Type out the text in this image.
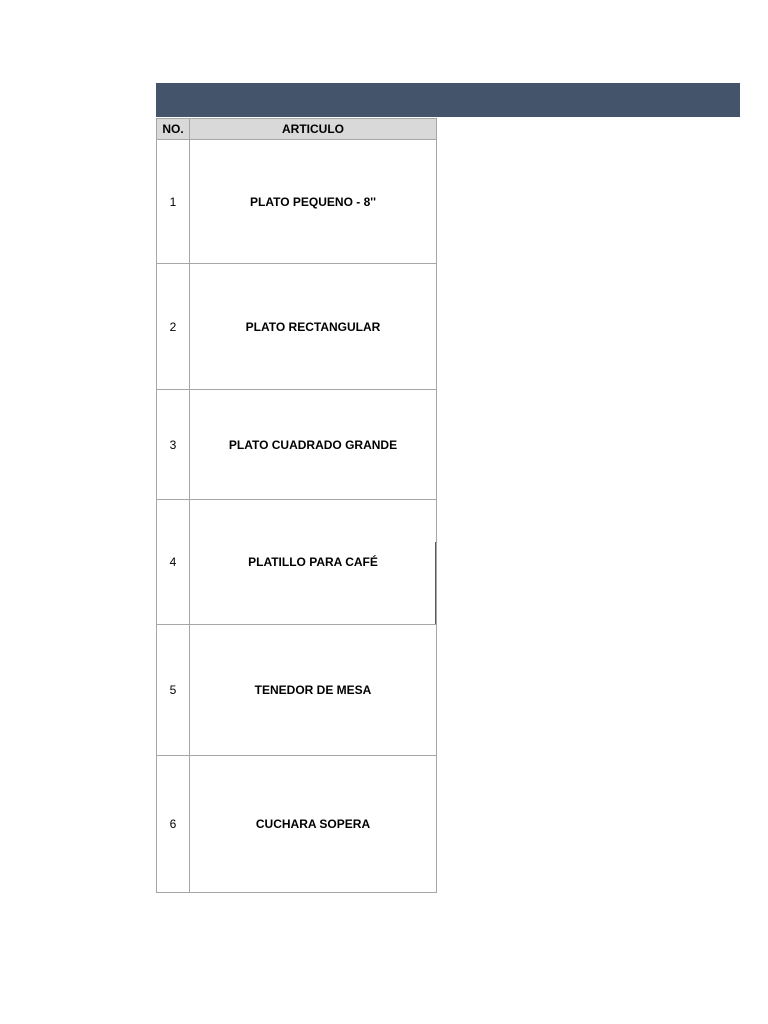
NO.	ARTICULO
1	PLATO PEQUENO - 8''
2	PLATO RECTANGULAR
3	PLATO CUADRADO GRANDE
4	PLATILLO PARA CAFÉ
5	TENEDOR DE MESA
6	CUCHARA SOPERA
